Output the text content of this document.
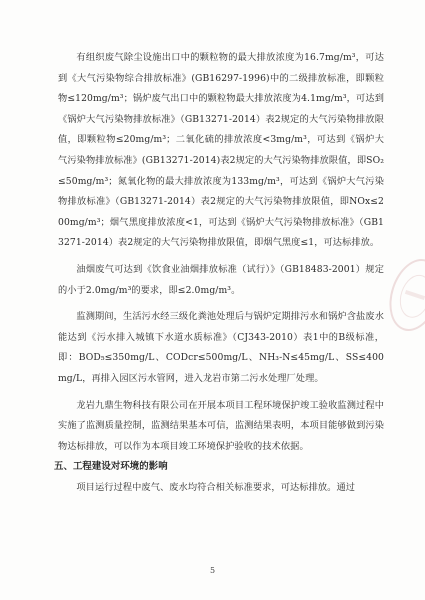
有组织废气除尘设施出口中的颗粒物的最大排放浓度为16.7mg/m³，可达到《大气污染物综合排放标准》(GB16297-1996)中的二级排放标准，即颗粒物≤120mg/m³；锅炉废气出口中的颗粒物最大排放浓度为4.1mg/m³，可达到《锅炉大气污染物排放标准》（GB13271-2014）表2规定的大气污染物排放限值，即颗粒物≤20mg/m³；二氧化硫的排放浓度<3mg/m³，可达到《锅炉大气污染物排放标准》(GB13271-2014)表2规定的大气污染物排放限值，即SO₂≤50mg/m³；氮氧化物的最大排放浓度为133mg/m³，可达到《锅炉大气污染物排放标准》（GB13271-2014）表2规定的大气污染物排放限值，即NOx≤200mg/m³；烟气黑度排放浓度<1，可达到《锅炉大气污染物排放标准》（GB13271-2014）表2规定的大气污染物排放限值，即烟气黑度≤1，可达标排放。

油烟废气可达到《饮食业油烟排放标准（试行）》（GB18483-2001）规定的小于2.0mg/m³的要求，即≤2.0mg/m³。

监测期间，生活污水经三级化粪池处理后与锅炉定期排污水和锅炉含盐废水能达到《污水排入城镇下水道水质标准》（CJ343-2010）表1中的B级标准，即：BOD₅≤350mg/L、CODcr≤500mg/L、NH₃-N≤45mg/L、SS≤400mg/L，再排入园区污水管网，进入龙岩市第二污水处理厂处理。

龙岩九鼎生物科技有限公司在开展本项目工程环境保护竣工验收监测过程中实施了监测质量控制，监测结果基本可信，监测结果表明，本项目能够做到污染物达标排放，可以作为本项目竣工环境保护验收的技术依据。

五、工程建设对环境的影响

项目运行过程中废气、废水均符合相关标准要求，可达标排放。通过

5
